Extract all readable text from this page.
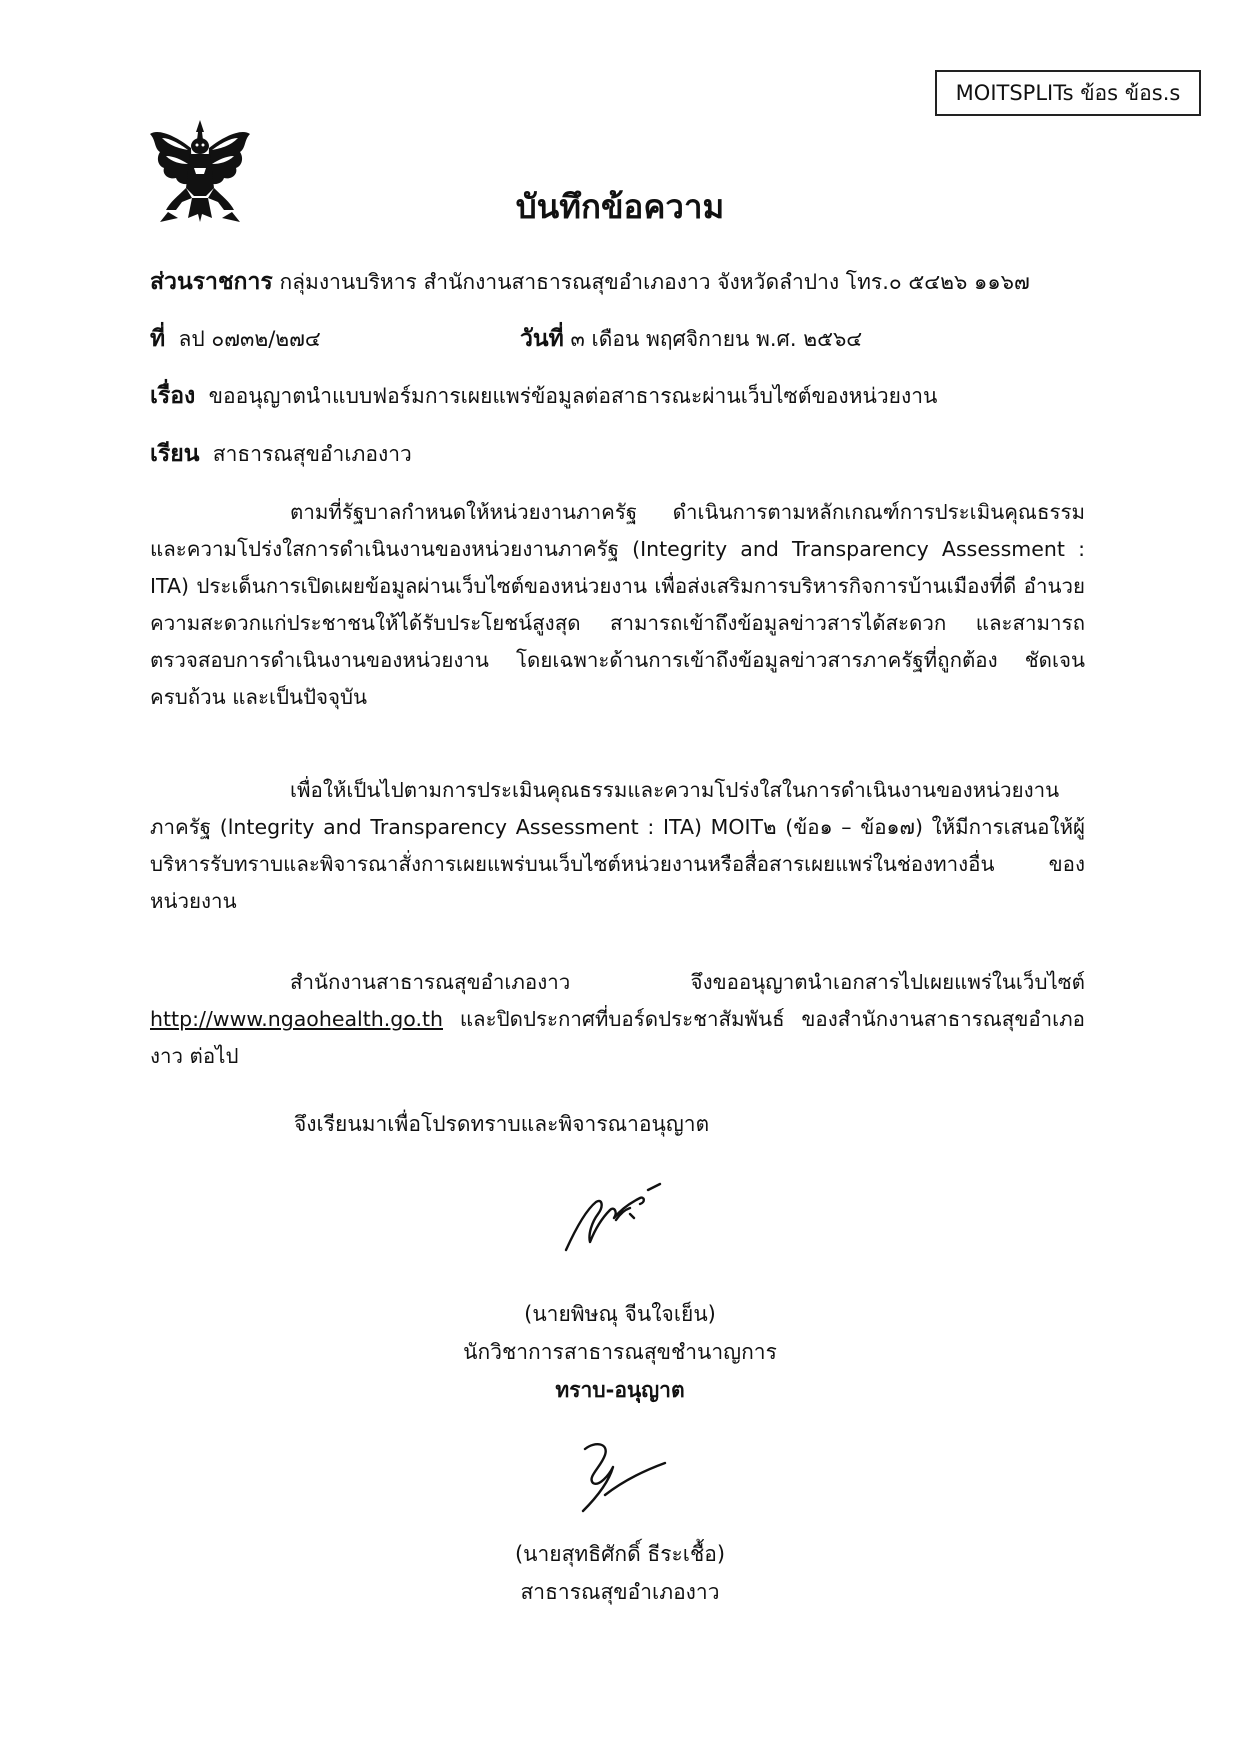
MOITSPLITs ข้อs ข้อs.s
บันทึกข้อความ
ส่วนราชการ กลุ่มงานบริหาร สำนักงานสาธารณสุขอำเภองาว จังหวัดลำปาง โทร.๐ ๕๔๒๖ ๑๑๖๗
ที่ ลป ๐๗๓๒/๒๗๔	วันที่ ๓ เดือน พฤศจิกายน พ.ศ. ๒๕๖๔
เรื่อง ขออนุญาตนำแบบฟอร์มการเผยแพร่ข้อมูลต่อสาธารณะผ่านเว็บไซต์ของหน่วยงาน
เรียน สาธารณสุขอำเภองาว

ตามที่รัฐบาลกำหนดให้หน่วยงานภาครัฐ ดำเนินการตามหลักเกณฑ์การประเมินคุณธรรม และความโปร่งใสการดำเนินงานของหน่วยงานภาครัฐ (Integrity and Transparency Assessment : ITA) ประเด็นการเปิดเผยข้อมูลผ่านเว็บไซต์ของหน่วยงาน เพื่อส่งเสริมการบริหารกิจการบ้านเมืองที่ดี อำนวยความสะดวกแก่ประชาชนให้ได้รับประโยชน์สูงสุด สามารถเข้าถึงข้อมูลข่าวสารได้สะดวก และสามารถตรวจสอบการดำเนินงานของหน่วยงาน โดยเฉพาะด้านการเข้าถึงข้อมูลข่าวสารภาครัฐที่ถูกต้อง ชัดเจน ครบถ้วน และเป็นปัจจุบัน

เพื่อให้เป็นไปตามการประเมินคุณธรรมและความโปร่งใสในการดำเนินงานของหน่วยงานภาครัฐ (lntegrity and Transparency Assessment : ITA) MOIT๒ (ข้อ๑ – ข้อ๑๗) ให้มีการเสนอให้ผู้บริหารรับทราบและพิจารณาสั่งการเผยแพร่บนเว็บไซต์หน่วยงานหรือสื่อสารเผยแพร่ในช่องทางอื่น ของหน่วยงาน

สำนักงานสาธารณสุขอำเภองาว จึงขออนุญาตนำเอกสารไปเผยแพร่ในเว็บไซต์ http://www.ngaohealth.go.th และปิดประกาศที่บอร์ดประชาสัมพันธ์ ของสำนักงานสาธารณสุขอำเภองาว ต่อไป

จึงเรียนมาเพื่อโปรดทราบและพิจารณาอนุญาต
(นายพิษณุ จีนใจเย็น)
นักวิชาการสาธารณสุขชำนาญการ
ทราบ-อนุญาต
(นายสุทธิศักดิ์ ธีระเชื้อ)
สาธารณสุขอำเภองาว
